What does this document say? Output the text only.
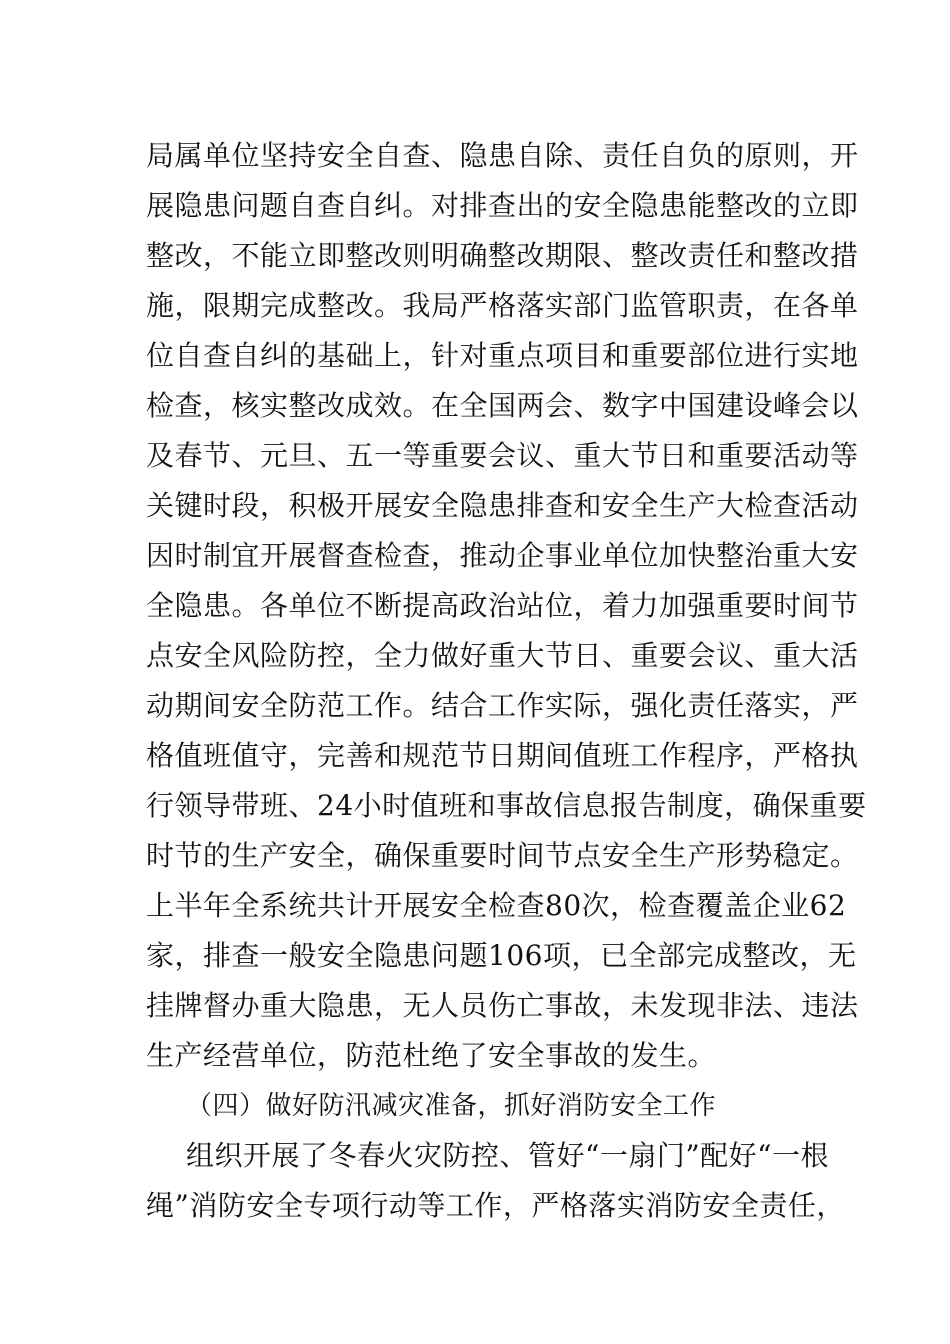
局属单位坚持安全自查、隐患自除、责任自负的原则，开
展隐患问题自查自纠。对排查出的安全隐患能整改的立即
整改，不能立即整改则明确整改期限、整改责任和整改措
施，限期完成整改。我局严格落实部门监管职责，在各单
位自查自纠的基础上，针对重点项目和重要部位进行实地
检查，核实整改成效。在全国两会、数字中国建设峰会以
及春节、元旦、五一等重要会议、重大节日和重要活动等
关键时段，积极开展安全隐患排查和安全生产大检查活动
因时制宜开展督查检查，推动企事业单位加快整治重大安
全隐患。各单位不断提高政治站位，着力加强重要时间节
点安全风险防控，全力做好重大节日、重要会议、重大活
动期间安全防范工作。结合工作实际，强化责任落实，严
格值班值守，完善和规范节日期间值班工作程序，严格执
行领导带班、24小时值班和事故信息报告制度，确保重要
时节的生产安全，确保重要时间节点安全生产形势稳定。
上半年全系统共计开展安全检查80次，检查覆盖企业62
家，排查一般安全隐患问题106项，已全部完成整改，无
挂牌督办重大隐患，无人员伤亡事故，未发现非法、违法
生产经营单位，防范杜绝了安全事故的发生。
（四）做好防汛减灾准备，抓好消防安全工作
组织开展了冬春火灾防控、管好“一扇门”配好“一根
绳”消防安全专项行动等工作，严格落实消防安全责任，
